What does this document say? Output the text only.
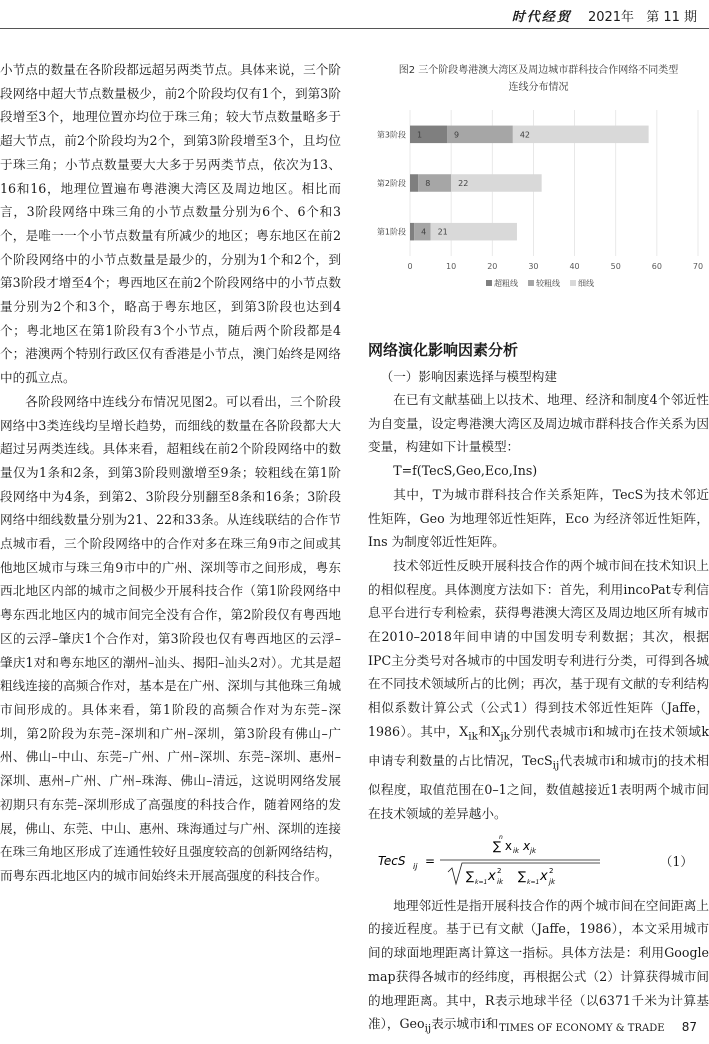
时代经贸 2021年 第 11 期

小节点的数量在各阶段都远超另两类节点。具体来说，三个阶段网络中超大节点数量极少，前2个阶段均仅有1个，到第3阶段增至3个，地理位置亦均位于珠三角；较大节点数量略多于超大节点，前2个阶段均为2个，到第3阶段增至3个，且均位于珠三角；小节点数量要大大多于另两类节点，依次为13、16和16，地理位置遍布粤港澳大湾区及周边地区。相比而言，3阶段网络中珠三角的小节点数量分别为6个、6个和3个，是唯一一个小节点数量有所减少的地区；粤东地区在前2个阶段网络中的小节点数量是最少的，分别为1个和2个，到第3阶段才增至4个；粤西地区在前2个阶段网络中的小节点数量分别为2个和3个，略高于粤东地区，到第3阶段也达到4个；粤北地区在第1阶段有3个小节点，随后两个阶段都是4个；港澳两个特别行政区仅有香港是小节点，澳门始终是网络中的孤立点。

各阶段网络中连线分布情况见图2。可以看出，三个阶段网络中3类连线均呈增长趋势，而细线的数量在各阶段都大大超过另两类连线。具体来看，超粗线在前2个阶段网络中的数量仅为1条和2条，到第3阶段则激增至9条；较粗线在第1阶段网络中为4条，到第2、3阶段分别翻至8条和16条；3阶段网络中细线数量分别为21、22和33条。从连线联结的合作节点城市看，三个阶段网络中的合作对多在珠三角9市之间或其他地区城市与珠三角9市中的广州、深圳等市之间形成，粤东西北地区内部的城市之间极少开展科技合作（第1阶段网络中粤东西北地区内的城市间完全没有合作，第2阶段仅有粤西地区的云浮–肇庆1个合作对，第3阶段也仅有粤西地区的云浮–肇庆1对和粤东地区的潮州–汕头、揭阳–汕头2对）。尤其是超粗线连接的高频合作对，基本是在广州、深圳与其他珠三角城市间形成的。具体来看，第1阶段的高频合作对为东莞–深圳，第2阶段为东莞–深圳和广州–深圳，第3阶段有佛山–广州、佛山–中山、东莞–广州、广州–深圳、东莞–深圳、惠州–深圳、惠州–广州、广州–珠海、佛山–清远，这说明网络发展初期只有东莞–深圳形成了高强度的科技合作，随着网络的发展，佛山、东莞、中山、惠州、珠海通过与广州、深圳的连接在珠三角地区形成了连通性较好且强度较高的创新网络结构，而粤东西北地区内的城市间始终未开展高强度的科技合作。

图2 三个阶段粤港澳大湾区及周边城市群科技合作网络不同类型
连线分布情况
0	10	20	30	40	50	60	70
第1阶段 4 21
第2阶段 8	22
第3阶段 1	9	42
超粗线 较粗线 细线
网络演化影响因素分析
（一）影响因素选择与模型构建

在已有文献基础上以技术、地理、经济和制度4个邻近性为自变量，设定粤港澳大湾区及周边城市群科技合作关系为因变量，构建如下计量模型：

T=f(TecS,Geo,Eco,Ins)

其中，T为城市群科技合作关系矩阵，TecS为技术邻近性矩阵，Geo 为地理邻近性矩阵，Eco 为经济邻近性矩阵，Ins 为制度邻近性矩阵。

技术邻近性反映开展科技合作的两个城市间在技术知识上的相似程度。具体测度方法如下：首先，利用incoPat专利信息平台进行专利检索，获得粤港澳大湾区及周边地区所有城市在2010–2018年间申请的中国发明专利数据；其次，根据IPC主分类号对各城市的中国发明专利进行分类，可得到各城在不同技术领域所占的比例；再次，基于现有文献的专利结构相似系数计算公式（公式1）得到技术邻近性矩阵（Jaffe，1986）。其中，$X_{ik}$和$X_{jk}$分别代表城市i和城市j在技术领域k申请专利数量的占比情况，TecS$_{ij}$代表城市i和城市j的技术相似程度，取值范围在0–1之间，数值越接近1表明两个城市间在技术领域的差异越小。

TecS ij =
∑ x ik x jk
n
∑ k=1 x 2
ik ∑ k=1 x 2
jk
（1）

地理邻近性是指开展科技合作的两个城市间在空间距离上的接近程度。基于已有文献（Jaffe，1986），本文采用城市间的球面地理距离计算这一指标。具体方法是：利用Google map获得各城市的经纬度，再根据公式（2）计算获得城市间的地理距离。其中，R表示地球半径（以6371千米为计算基准），Geo$_{ij}$表示城市i和 TIMES OF ECONOMY & TRADE 87
